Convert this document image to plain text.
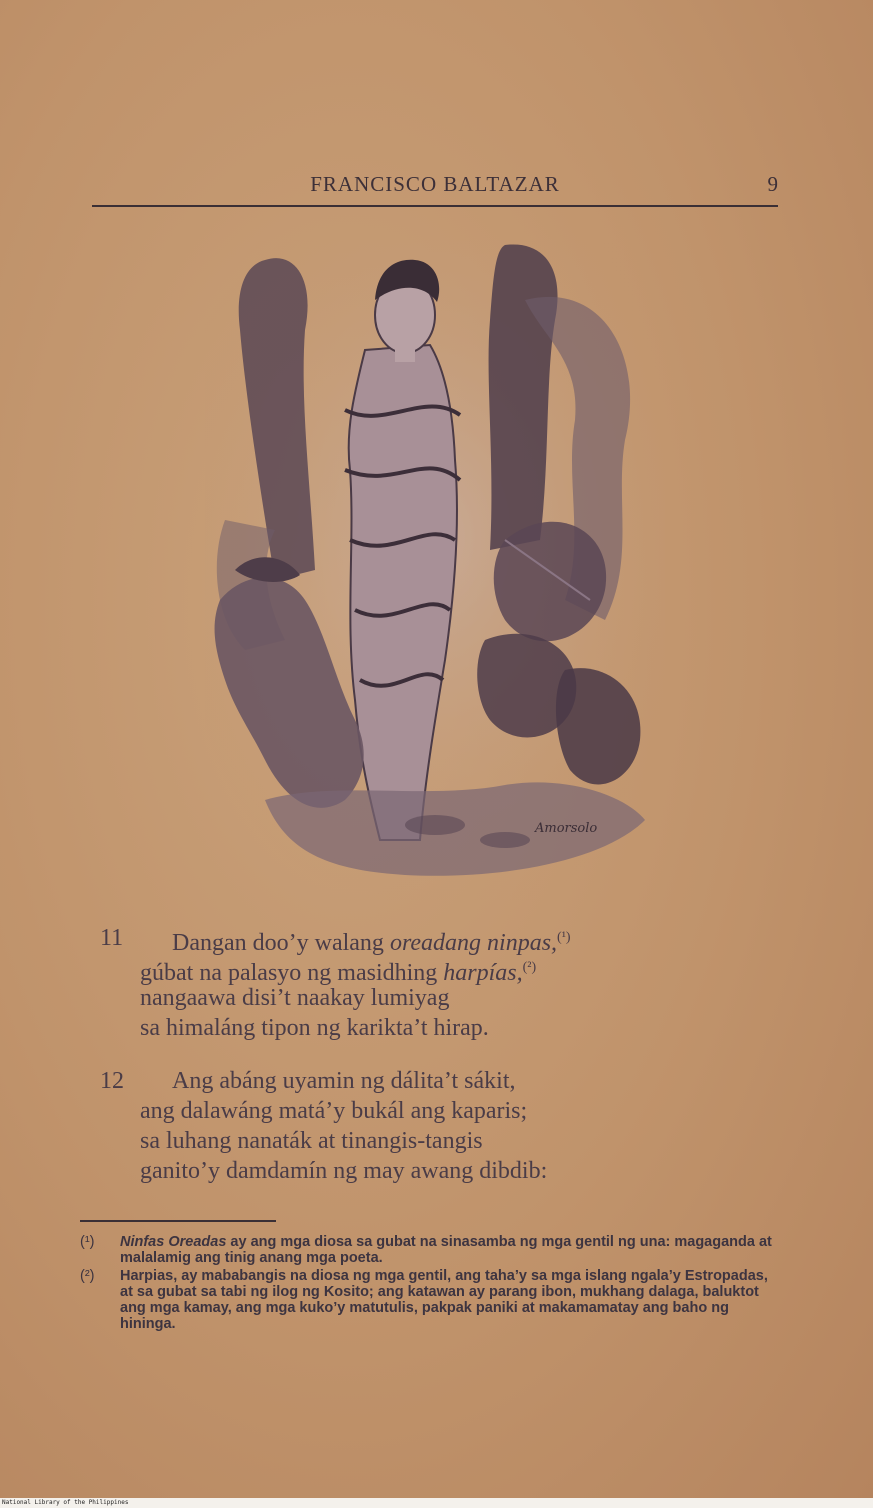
FRANCISCO BALTAZAR	9
Amorsolo
11	Dangan doo’y walang oreadang ninpas,$^{(^1)}$
gúbat na palasyo ng masidhing harpías,$^{(^2)}$
nangaawa disi’t naakay lumiyag
sa himaláng tipon ng karikta’t hirap.
12	Ang abáng uyamin ng dálita’t sákit,
ang dalawáng matá’y bukál ang kaparis;
sa luhang nanaták at tinangis-tangis
ganito’y damdamín ng may awang dibdib:
(¹) Ninfas Oreadas ay ang mga diosa sa gubat na sinasamba ng mga gentil ng una: magaganda at malalamig ang tinig anang mga poeta.
(²) Harpias, ay mababangis na diosa ng mga gentil, ang taha’y sa mga islang ngala’y Estropadas, at sa gubat sa tabi ng ilog ng Kosito; ang katawan ay parang ibon, mukhang dalaga, baluktot ang mga kamay, ang mga kuko’y matutulis, pakpak paniki at makamamatay ang baho ng hininga.
National Library of the Philippines
